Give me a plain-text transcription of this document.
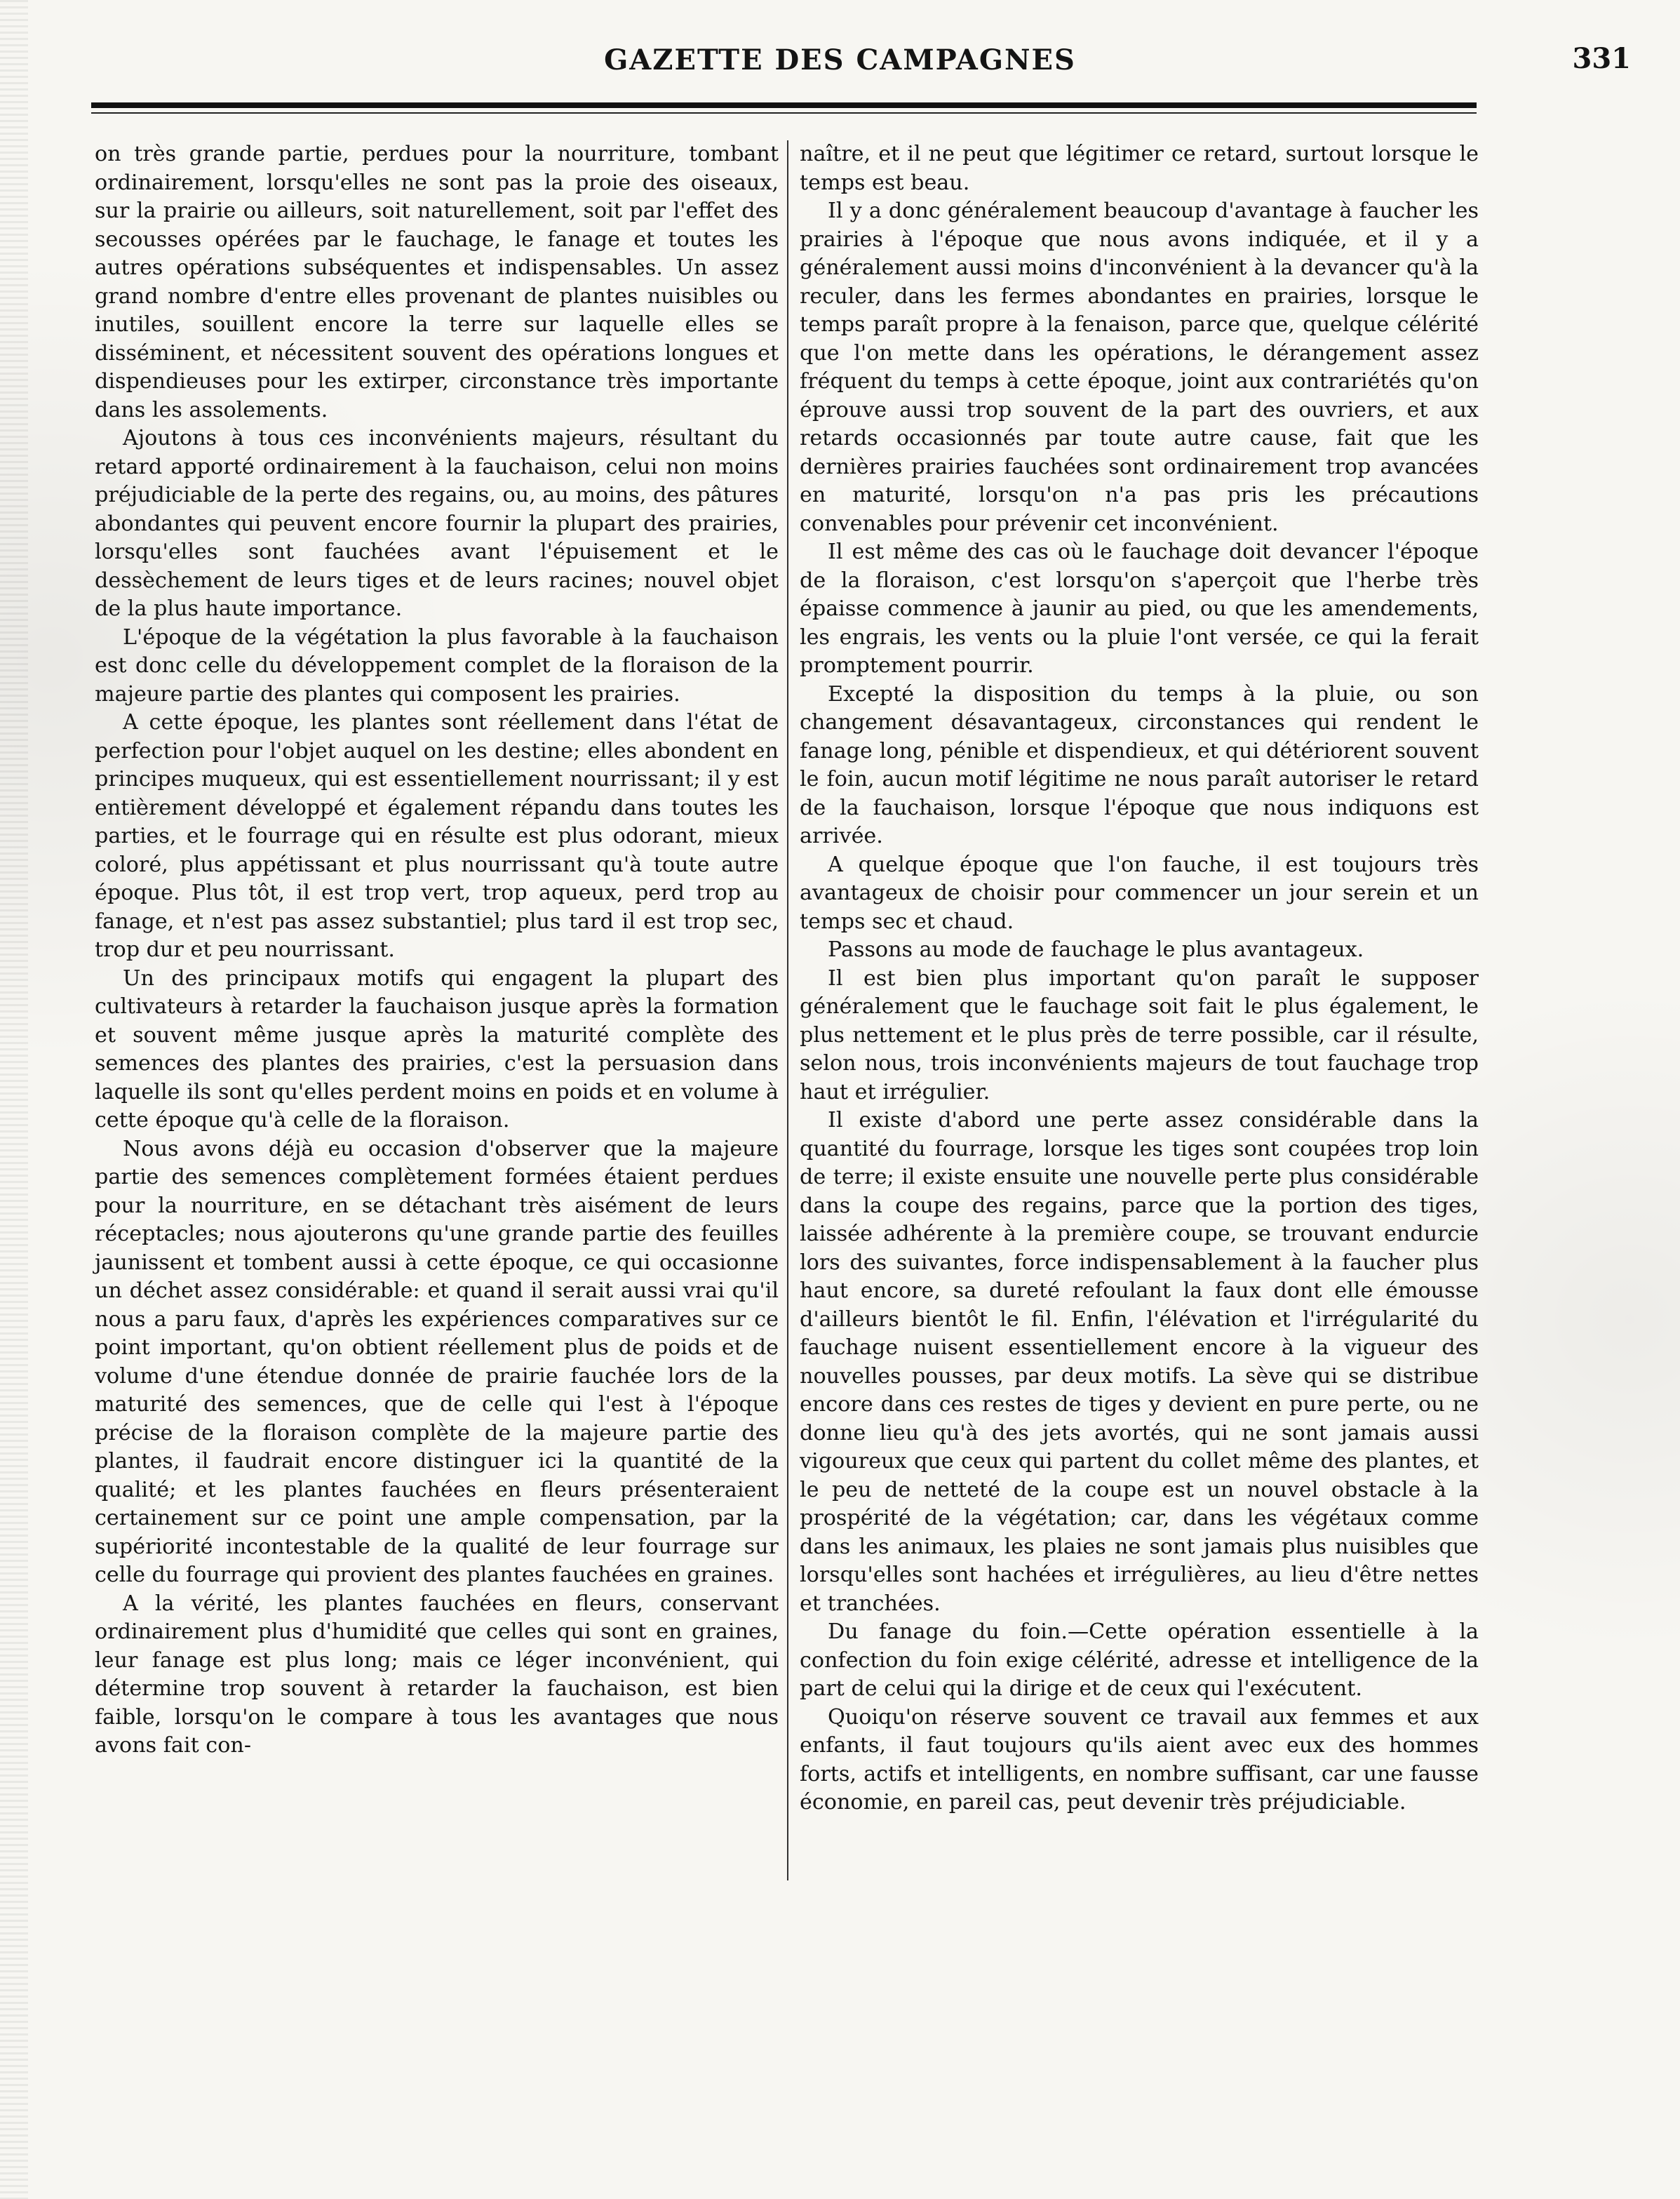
GAZETTE DES CAMPAGNES	331

on très grande partie, perdues pour la nourriture, tombant ordinairement, lorsqu'elles ne sont pas la proie des oiseaux, sur la prairie ou ailleurs, soit naturellement, soit par l'effet des secousses opérées par le fauchage, le fanage et toutes les autres opérations subséquentes et indispensables. Un assez grand nombre d'entre elles provenant de plantes nuisibles ou inutiles, souillent encore la terre sur laquelle elles se disséminent, et nécessitent souvent des opérations longues et dispendieuses pour les extirper, circonstance très importante dans les assolements.

Ajoutons à tous ces inconvénients majeurs, résultant du retard apporté ordinairement à la fauchaison, celui non moins préjudiciable de la perte des regains, ou, au moins, des pâtures abondantes qui peuvent encore fournir la plupart des prairies, lorsqu'elles sont fauchées avant l'épuisement et le dessèchement de leurs tiges et de leurs racines; nouvel objet de la plus haute importance.

L'époque de la végétation la plus favorable à la fauchaison est donc celle du développement complet de la floraison de la majeure partie des plantes qui composent les prairies.

A cette époque, les plantes sont réellement dans l'état de perfection pour l'objet auquel on les destine; elles abondent en principes muqueux, qui est essentiellement nourrissant; il y est entièrement développé et également répandu dans toutes les parties, et le fourrage qui en résulte est plus odorant, mieux coloré, plus appétissant et plus nourrissant qu'à toute autre époque. Plus tôt, il est trop vert, trop aqueux, perd trop au fanage, et n'est pas assez substantiel; plus tard il est trop sec, trop dur et peu nourrissant.

Un des principaux motifs qui engagent la plupart des cultivateurs à retarder la fauchaison jusque après la formation et souvent même jusque après la maturité complète des semences des plantes des prairies, c'est la persuasion dans laquelle ils sont qu'elles perdent moins en poids et en volume à cette époque qu'à celle de la floraison.

Nous avons déjà eu occasion d'observer que la majeure partie des semences complètement formées étaient perdues pour la nourriture, en se détachant très aisément de leurs réceptacles; nous ajouterons qu'une grande partie des feuilles jaunissent et tombent aussi à cette époque, ce qui occasionne un déchet assez considérable: et quand il serait aussi vrai qu'il nous a paru faux, d'après les expériences comparatives sur ce point important, qu'on obtient réellement plus de poids et de volume d'une étendue donnée de prairie fauchée lors de la maturité des semences, que de celle qui l'est à l'époque précise de la floraison complète de la majeure partie des plantes, il faudrait encore distinguer ici la quantité de la qualité; et les plantes fauchées en fleurs présenteraient certainement sur ce point une ample compensation, par la supériorité incontestable de la qualité de leur fourrage sur celle du fourrage qui provient des plantes fauchées en graines.

A la vérité, les plantes fauchées en fleurs, conservant ordinairement plus d'humidité que celles qui sont en graines, leur fanage est plus long; mais ce léger inconvénient, qui détermine trop souvent à retarder la fauchaison, est bien faible, lorsqu'on le compare à tous les avantages que nous avons fait con-

naître, et il ne peut que légitimer ce retard, surtout lorsque le temps est beau.

Il y a donc généralement beaucoup d'avantage à faucher les prairies à l'époque que nous avons indiquée, et il y a généralement aussi moins d'inconvénient à la devancer qu'à la reculer, dans les fermes abondantes en prairies, lorsque le temps paraît propre à la fenaison, parce que, quelque célérité que l'on mette dans les opérations, le dérangement assez fréquent du temps à cette époque, joint aux contrariétés qu'on éprouve aussi trop souvent de la part des ouvriers, et aux retards occasionnés par toute autre cause, fait que les dernières prairies fauchées sont ordinairement trop avancées en maturité, lorsqu'on n'a pas pris les précautions convenables pour prévenir cet inconvénient.

Il est même des cas où le fauchage doit devancer l'époque de la floraison, c'est lorsqu'on s'aperçoit que l'herbe très épaisse commence à jaunir au pied, ou que les amendements, les engrais, les vents ou la pluie l'ont versée, ce qui la ferait promptement pourrir.

Excepté la disposition du temps à la pluie, ou son changement désavantageux, circonstances qui rendent le fanage long, pénible et dispendieux, et qui détériorent souvent le foin, aucun motif légitime ne nous paraît autoriser le retard de la fauchaison, lorsque l'époque que nous indiquons est arrivée.

A quelque époque que l'on fauche, il est toujours très avantageux de choisir pour commencer un jour serein et un temps sec et chaud.

Passons au mode de fauchage le plus avantageux.

Il est bien plus important qu'on paraît le supposer généralement que le fauchage soit fait le plus également, le plus nettement et le plus près de terre possible, car il résulte, selon nous, trois inconvénients majeurs de tout fauchage trop haut et irrégulier.

Il existe d'abord une perte assez considérable dans la quantité du fourrage, lorsque les tiges sont coupées trop loin de terre; il existe ensuite une nouvelle perte plus considérable dans la coupe des regains, parce que la portion des tiges, laissée adhérente à la première coupe, se trouvant endurcie lors des suivantes, force indispensablement à la faucher plus haut encore, sa dureté refoulant la faux dont elle émousse d'ailleurs bientôt le fil. Enfin, l'élévation et l'irrégularité du fauchage nuisent essentiellement encore à la vigueur des nouvelles pousses, par deux motifs. La sève qui se distribue encore dans ces restes de tiges y devient en pure perte, ou ne donne lieu qu'à des jets avortés, qui ne sont jamais aussi vigoureux que ceux qui partent du collet même des plantes, et le peu de netteté de la coupe est un nouvel obstacle à la prospérité de la végétation; car, dans les végétaux comme dans les animaux, les plaies ne sont jamais plus nuisibles que lorsqu'elles sont hachées et irrégulières, au lieu d'être nettes et tranchées.

Du fanage du foin.—Cette opération essentielle à la confection du foin exige célérité, adresse et intelligence de la part de celui qui la dirige et de ceux qui l'exécutent.

Quoiqu'on réserve souvent ce travail aux femmes et aux enfants, il faut toujours qu'ils aient avec eux des hommes forts, actifs et intelligents, en nombre suffisant, car une fausse économie, en pareil cas, peut devenir très préjudiciable.
